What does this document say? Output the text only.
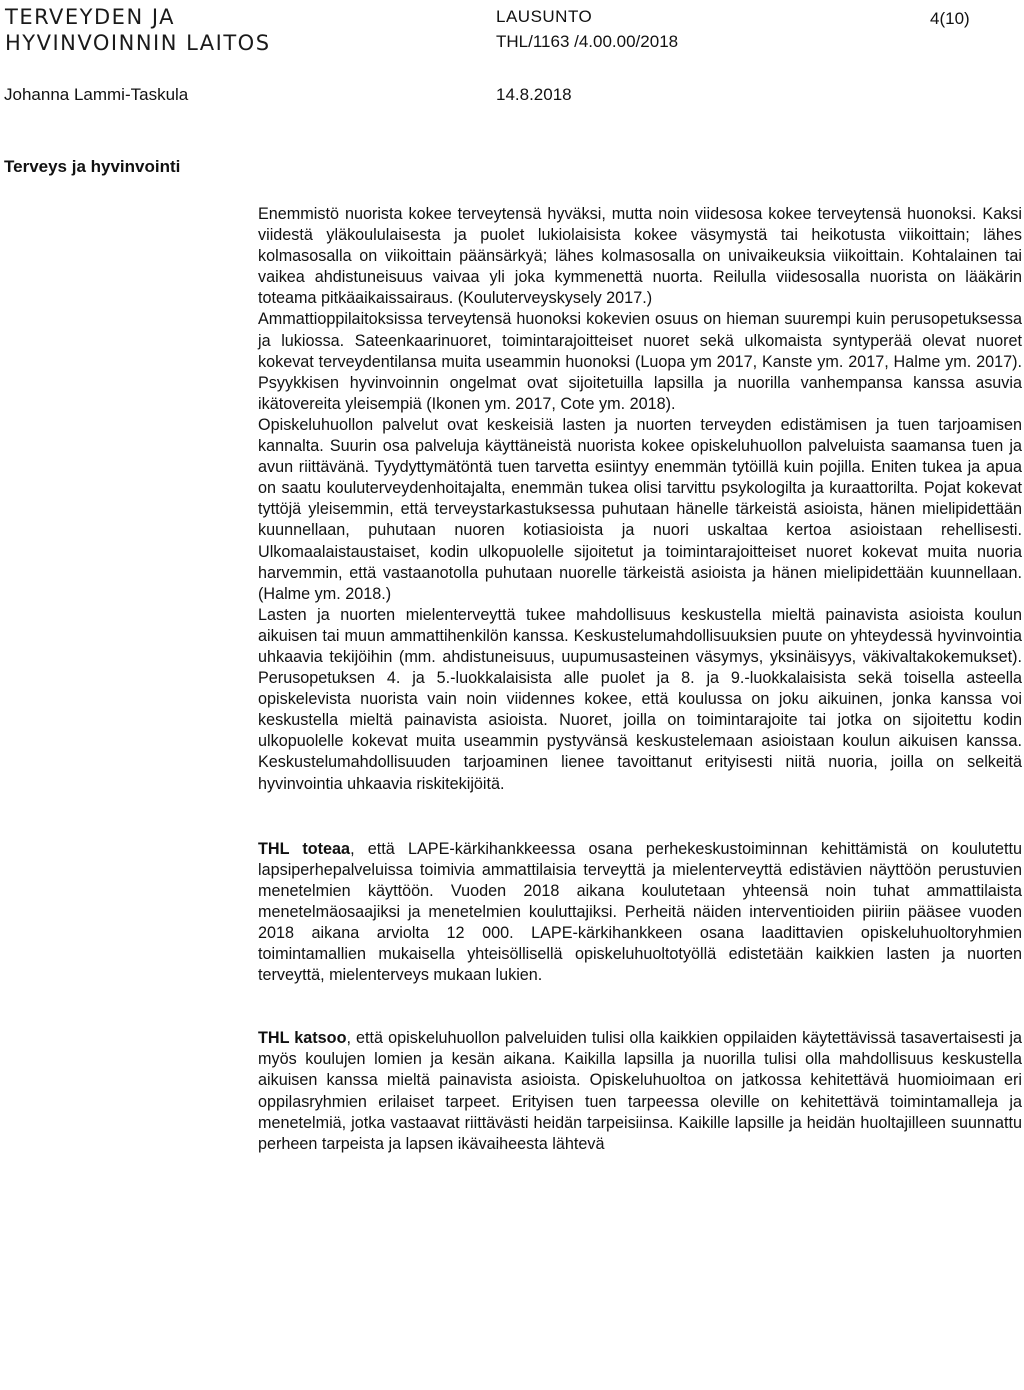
TERVEYDEN JA
HYVINVOINNIN LAITOS
LAUSUNTO
THL/1163 /4.00.00/2018
4(10)
Johanna Lammi-Taskula	14.8.2018
Terveys ja hyvinvointi

Enemmistö nuorista kokee terveytensä hyväksi, mutta noin viidesosa kokee terveytensä huonoksi. Kaksi viidestä yläkoululaisesta ja puolet lukiolaisista kokee väsymystä tai heikotusta viikoittain; lähes kolmasosalla on viikoittain päänsärkyä; lähes kolmasosalla on univaikeuksia viikoittain. Kohtalainen tai vaikea ahdistuneisuus vaivaa yli joka kymmenettä nuorta. Reilulla viidesosalla nuorista on lääkärin toteama pitkäaikaissairaus. (Kouluterveyskysely 2017.)

Ammattioppilaitoksissa terveytensä huonoksi kokevien osuus on hieman suurempi kuin perusopetuksessa ja lukiossa. Sateenkaarinuoret, toimintarajoitteiset nuoret sekä ulkomaista syntyperää olevat nuoret kokevat terveydentilansa muita useammin huonoksi (Luopa ym 2017, Kanste ym. 2017, Halme ym. 2017). Psyykkisen hyvinvoinnin ongelmat ovat sijoitetuilla lapsilla ja nuorilla vanhempansa kanssa asuvia ikätovereita yleisempiä (Ikonen ym. 2017, Cote ym. 2018).

Opiskeluhuollon palvelut ovat keskeisiä lasten ja nuorten terveyden edistämisen ja tuen tarjoamisen kannalta. Suurin osa palveluja käyttäneistä nuorista kokee opiskeluhuollon palveluista saamansa tuen ja avun riittävänä. Tyydyttymätöntä tuen tarvetta esiintyy enemmän tytöillä kuin pojilla. Eniten tukea ja apua on saatu kouluterveydenhoitajalta, enemmän tukea olisi tarvittu psykologilta ja kuraattorilta. Pojat kokevat tyttöjä yleisemmin, että terveystarkastuksessa puhutaan hänelle tärkeistä asioista, hänen mielipidettään kuunnellaan, puhutaan nuoren kotiasioista ja nuori uskaltaa kertoa asioistaan rehellisesti. Ulkomaalaistaustaiset, kodin ulkopuolelle sijoitetut ja toimintarajoitteiset nuoret kokevat muita nuoria harvemmin, että vastaanotolla puhutaan nuorelle tärkeistä asioista ja hänen mielipidettään kuunnellaan. (Halme ym. 2018.)

Lasten ja nuorten mielenterveyttä tukee mahdollisuus keskustella mieltä painavista asioista koulun aikuisen tai muun ammattihenkilön kanssa. Keskustelumahdollisuuksien puute on yhteydessä hyvinvointia uhkaavia tekijöihin (mm. ahdistuneisuus, uupumusasteinen väsymys, yksinäisyys, väkivaltakokemukset). Perusopetuksen 4. ja 5.-luokkalaisista alle puolet ja 8. ja 9.-luokkalaisista sekä toisella asteella opiskelevista nuorista vain noin viidennes kokee, että koulussa on joku aikuinen, jonka kanssa voi keskustella mieltä painavista asioista. Nuoret, joilla on toimintarajoite tai jotka on sijoitettu kodin ulkopuolelle kokevat muita useammin pystyvänsä keskustelemaan asioistaan koulun aikuisen kanssa. Keskustelumahdollisuuden tarjoaminen lienee tavoittanut erityisesti niitä nuoria, joilla on selkeitä hyvinvointia uhkaavia riskitekijöitä.

THL toteaa, että LAPE-kärkihankkeessa osana perhekeskustoiminnan kehittämistä on koulutettu lapsiperhepalveluissa toimivia ammattilaisia terveyttä ja mielenterveyttä edistävien näyttöön perustuvien menetelmien käyttöön. Vuoden 2018 aikana koulutetaan yhteensä noin tuhat ammattilaista menetelmäosaajiksi ja menetelmien kouluttajiksi. Perheitä näiden interventioiden piiriin pääsee vuoden 2018 aikana arviolta 12 000. LAPE-kärkihankkeen osana laadittavien opiskeluhuoltoryhmien toimintamallien mukaisella yhteisöllisellä opiskeluhuoltotyöllä edistetään kaikkien lasten ja nuorten terveyttä, mielenterveys mukaan lukien.

THL katsoo, että opiskeluhuollon palveluiden tulisi olla kaikkien oppilaiden käytettävissä tasavertaisesti ja myös koulujen lomien ja kesän aikana. Kaikilla lapsilla ja nuorilla tulisi olla mahdollisuus keskustella aikuisen kanssa mieltä painavista asioista. Opiskeluhuoltoa on jatkossa kehitettävä huomioimaan eri oppilasryhmien erilaiset tarpeet. Erityisen tuen tarpeessa oleville on kehitettävä toimintamalleja ja menetelmiä, jotka vastaavat riittävästi heidän tarpeisiinsa. Kaikille lapsille ja heidän huoltajilleen suunnattu perheen tarpeista ja lapsen ikävaiheesta lähtevä
